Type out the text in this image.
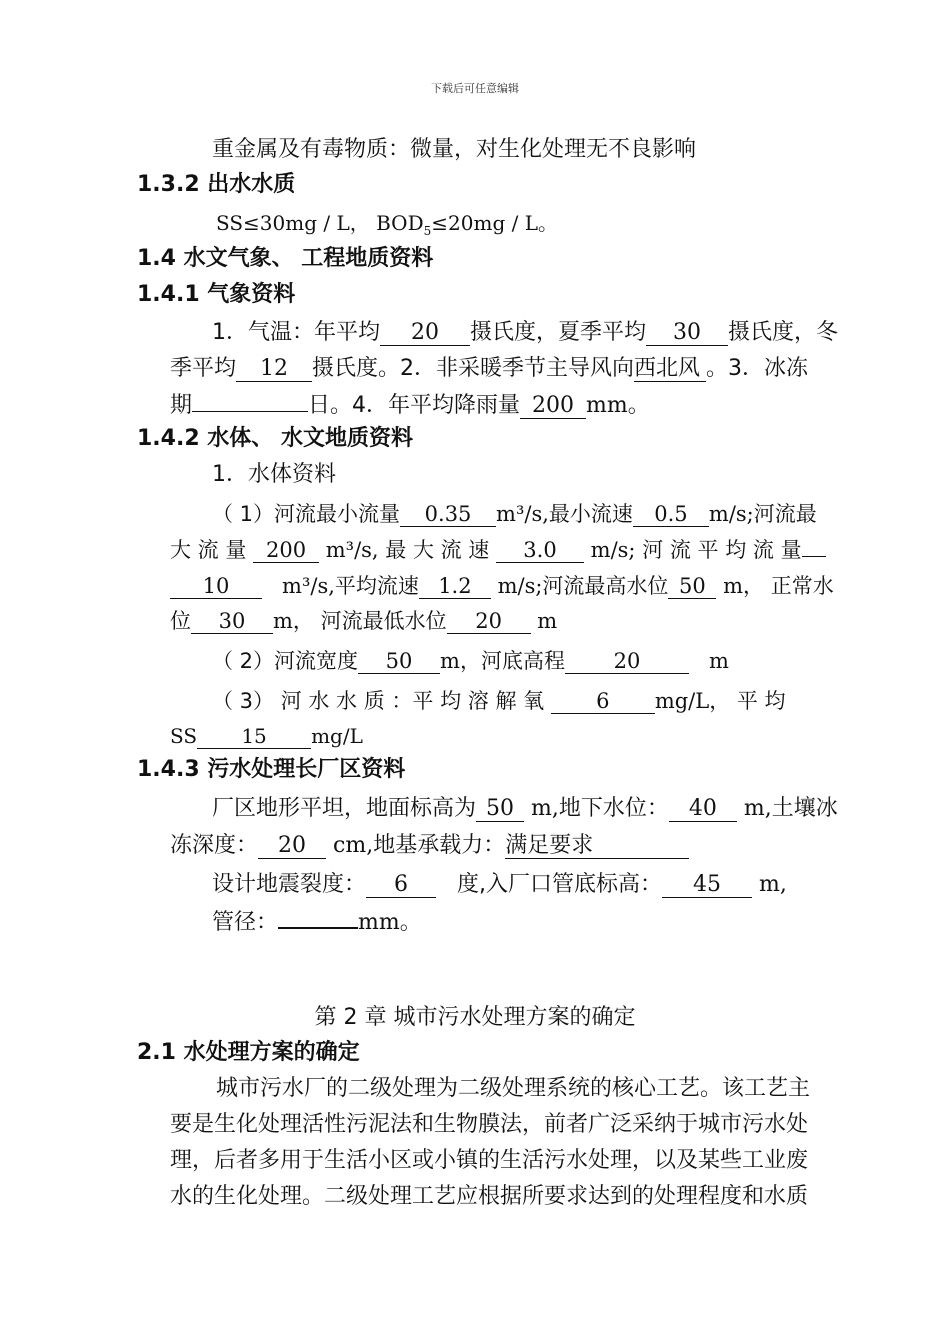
下载后可任意编辑
重金属及有毒物质：微量，对生化处理无不良影响
1.3.2 出水水质
SS≤30mg / L， $BOD_5\le 20mg / L$。
1.4 水文气象、 工程地质资料
1.4.1 气象资料
1．气温：年平均 20 摄氏度，夏季平均 30 摄氏度，冬
季平均 12 摄氏度。2．非采暖季节主导风向西北风 。3．冰冻
期	日。4．年平均降雨量 200 mm。
1.4.2 水体、 水文地质资料
1．水体资料
（ 1）河流最小流量 0.35 m³/s,最小流速 0.5 m/s;河流最
大 流 量 200 m³/s, 最 大 流 速 3.0 m/s; 河 流 平 均 流 量
10	m³/s,平均流速 1.2 m/s;河流最高水位 50 m， 正常水
位 30 m， 河流最低水位 20 m
（ 2）河流宽度 50 m，河底高程 20	m
（ 3） 河 水 水 质 ：平 均 溶 解 氧 6 mg/L， 平 均
SS 15 mg/L
1.4.3 污水处理长厂区资料
厂区地形平坦，地面标高为 50 m,地下水位： 40 m,土壤冰
冻深度： 20 cm,地基承载力：满足要求
设计地震裂度： 6 度,入厂口管底标高： 45 m,
管径：	mm。
第 2 章 城市污水处理方案的确定
2.1 水处理方案的确定
城市污水厂的二级处理为二级处理系统的核心工艺。该工艺主
要是生化处理活性污泥法和生物膜法，前者广泛采纳于城市污水处
理，后者多用于生活小区或小镇的生活污水处理，以及某些工业废
水的生化处理。二级处理工艺应根据所要求达到的处理程度和水质
